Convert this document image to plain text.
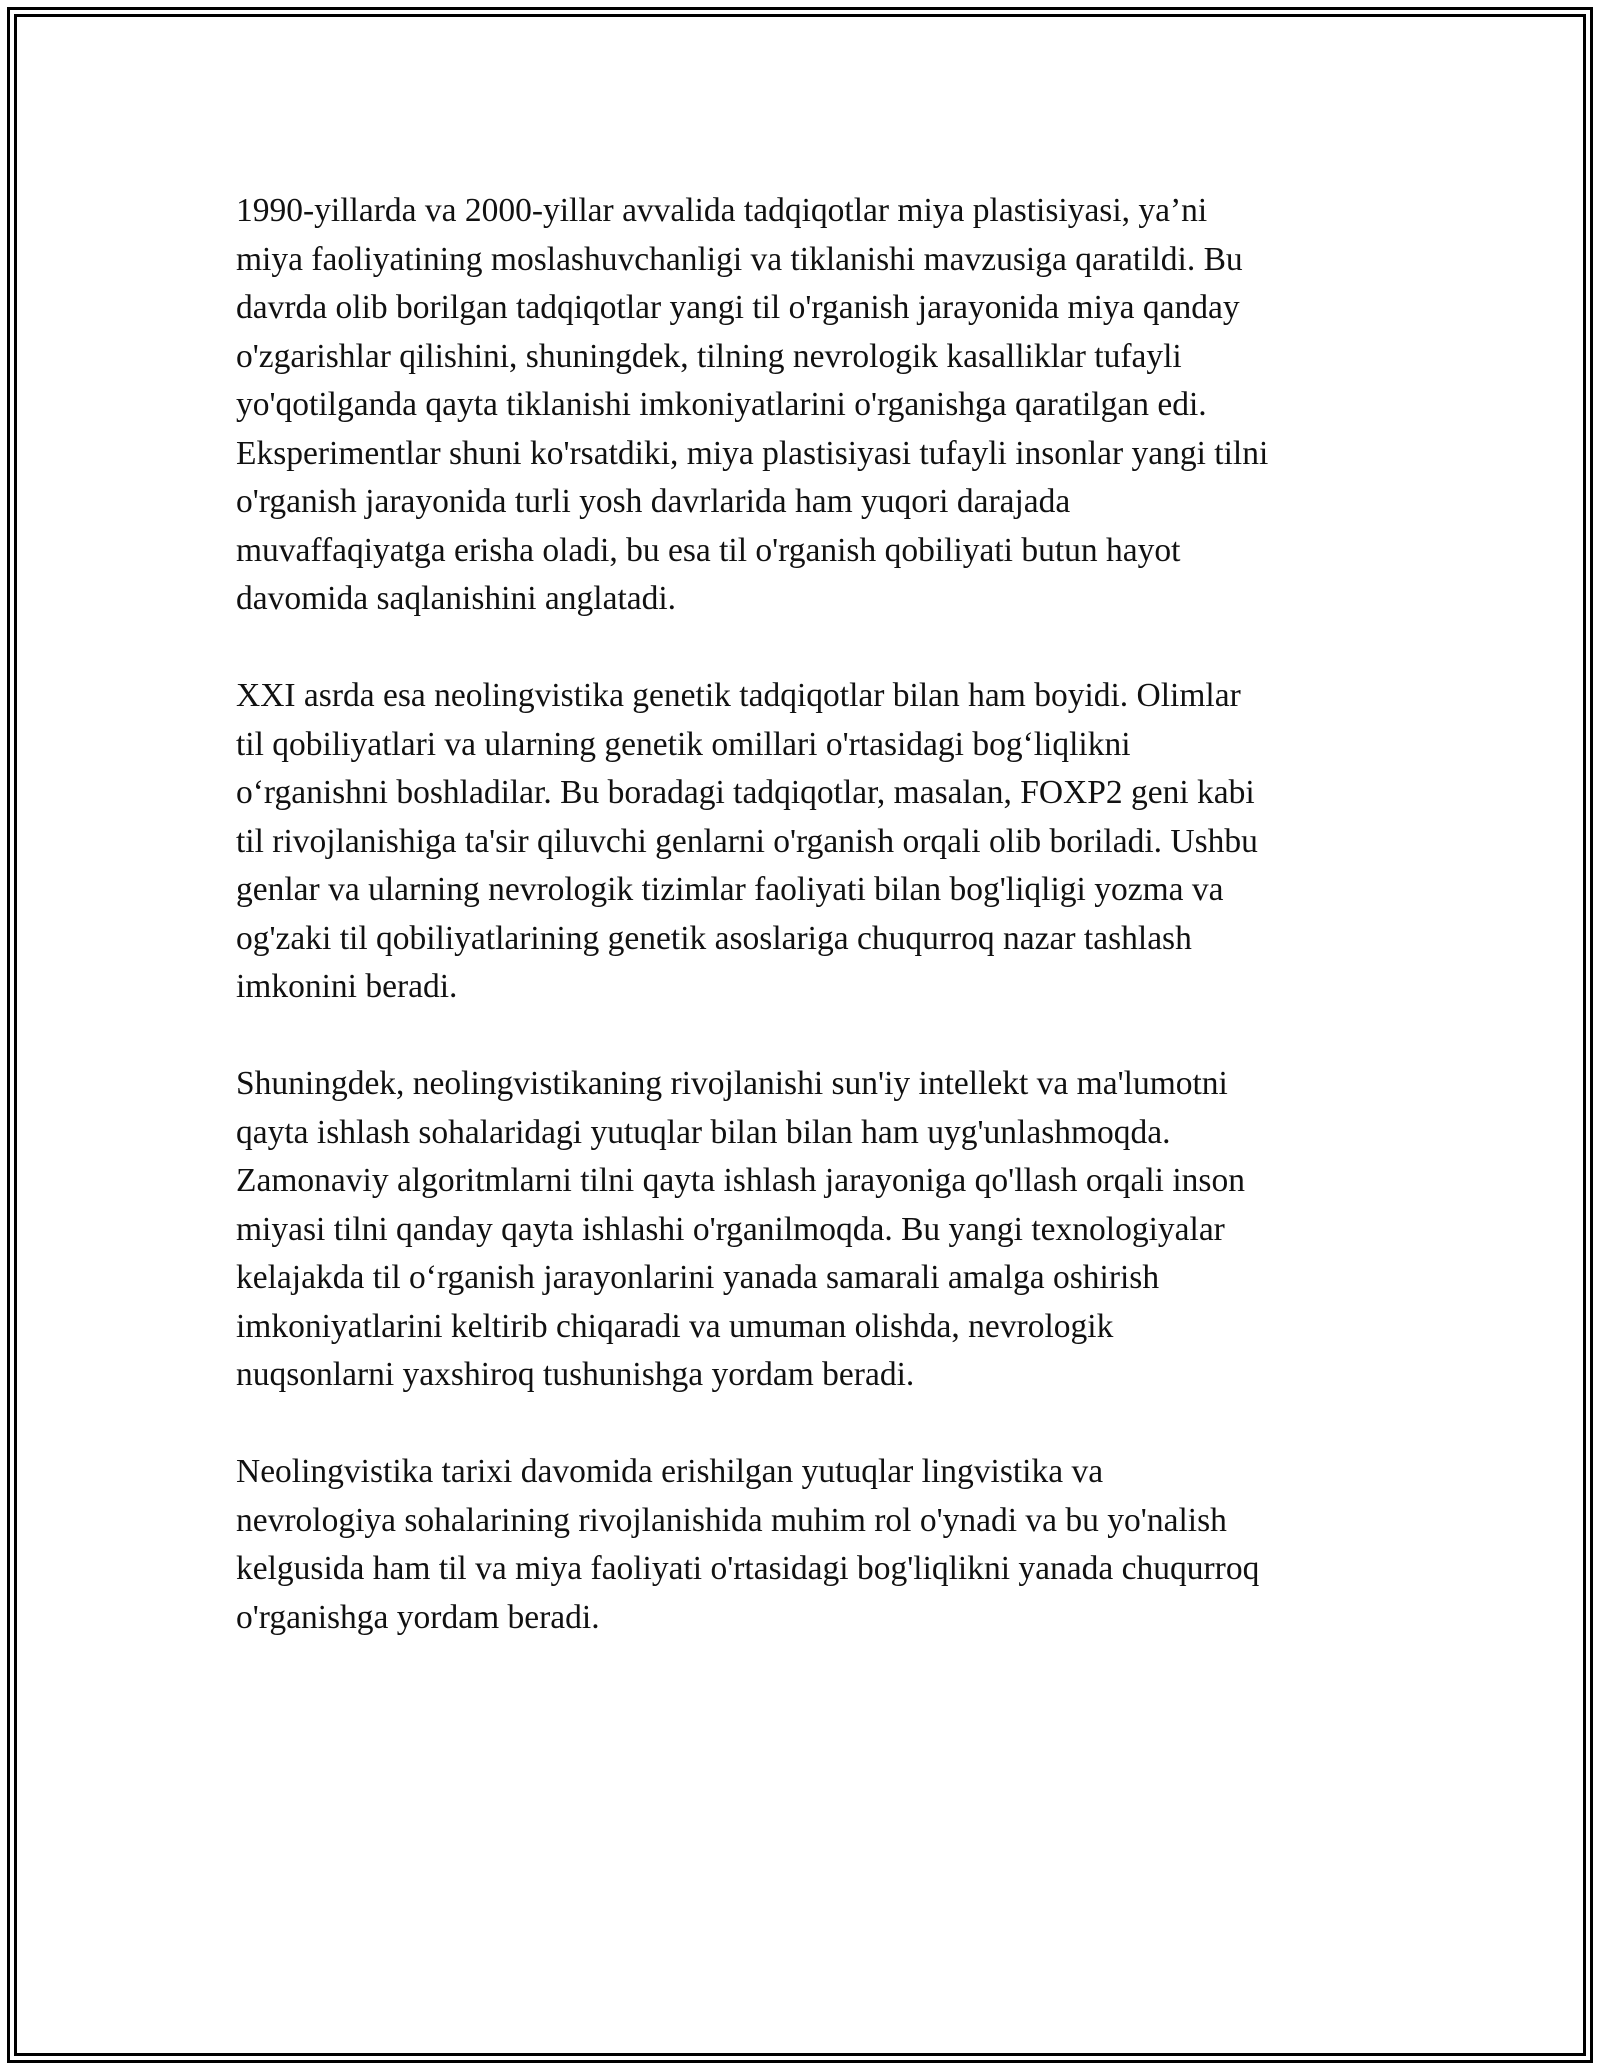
1990-yillarda va 2000-yillar avvalida tadqiqotlar miya plastisiyasi, ya’ni
miya faoliyatining moslashuvchanligi va tiklanishi mavzusiga qaratildi. Bu
davrda olib borilgan tadqiqotlar yangi til o'rganish jarayonida miya qanday
o'zgarishlar qilishini, shuningdek, tilning nevrologik kasalliklar tufayli
yo'qotilganda qayta tiklanishi imkoniyatlarini o'rganishga qaratilgan edi.
Eksperimentlar shuni ko'rsatdiki, miya plastisiyasi tufayli insonlar yangi tilni
o'rganish jarayonida turli yosh davrlarida ham yuqori darajada
muvaffaqiyatga erisha oladi, bu esa til o'rganish qobiliyati butun hayot
davomida saqlanishini anglatadi.

XXI asrda esa neolingvistika genetik tadqiqotlar bilan ham boyidi. Olimlar
til qobiliyatlari va ularning genetik omillari o'rtasidagi bog‘liqlikni
o‘rganishni boshladilar. Bu boradagi tadqiqotlar, masalan, FOXP2 geni kabi
til rivojlanishiga ta'sir qiluvchi genlarni o'rganish orqali olib boriladi. Ushbu
genlar va ularning nevrologik tizimlar faoliyati bilan bog'liqligi yozma va
og'zaki til qobiliyatlarining genetik asoslariga chuqurroq nazar tashlash
imkonini beradi.

Shuningdek, neolingvistikaning rivojlanishi sun'iy intellekt va ma'lumotni
qayta ishlash sohalaridagi yutuqlar bilan bilan ham uyg'unlashmoqda.
Zamonaviy algoritmlarni tilni qayta ishlash jarayoniga qo'llash orqali inson
miyasi tilni qanday qayta ishlashi o'rganilmoqda. Bu yangi texnologiyalar
kelajakda til o‘rganish jarayonlarini yanada samarali amalga oshirish
imkoniyatlarini keltirib chiqaradi va umuman olishda, nevrologik
nuqsonlarni yaxshiroq tushunishga yordam beradi.

Neolingvistika tarixi davomida erishilgan yutuqlar lingvistika va
nevrologiya sohalarining rivojlanishida muhim rol o'ynadi va bu yo'nalish
kelgusida ham til va miya faoliyati o'rtasidagi bog'liqlikni yanada chuqurroq
o'rganishga yordam beradi.
